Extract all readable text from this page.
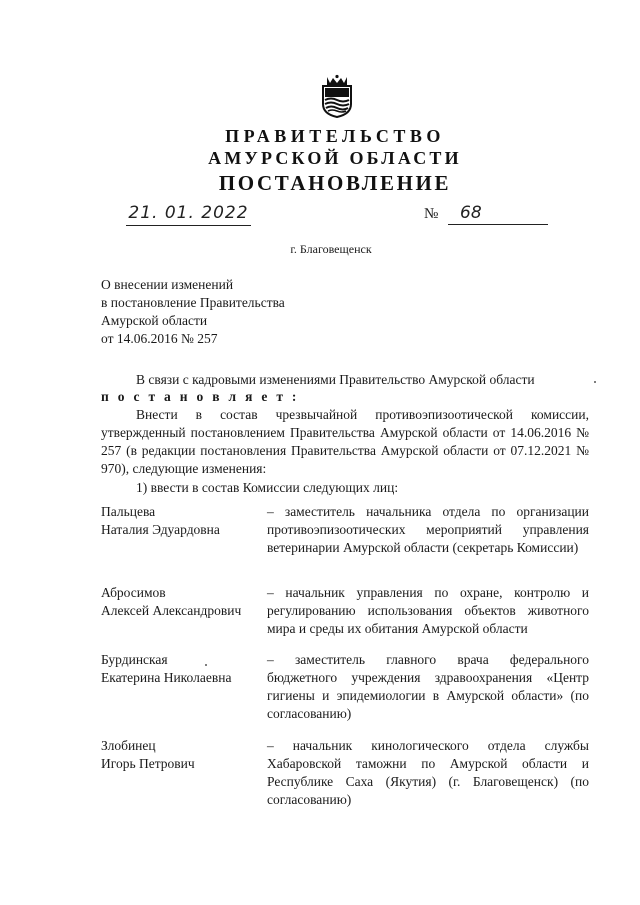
ПРАВИТЕЛЬСТВО
АМУРСКОЙ ОБЛАСТИ
ПОСТАНОВЛЕНИЕ
21. 01. 2022	№	68
г. Благовещенск
О внесении изменений
в постановление Правительства
Амурской области
от 14.06.2016 № 257
В связи с кадровыми изменениями Правительство Амурской области
п о с т а н о в л я е т :
Внести в состав чрезвычайной противоэпизоотической комиссии, утвержденный постановлением Правительства Амурской области от 14.06.2016 № 257 (в редакции постановления Правительства Амурской области от 07.12.2021 № 970), следующие изменения:
1) ввести в состав Комиссии следующих лиц:
Пальцева
Наталия Эдуардовна
– заместитель начальника отдела по организации противоэпизоотических мероприятий управления ветеринарии Амурской области (секретарь Комиссии)
Абросимов
Алексей Александрович
– начальник управления по охране, контролю и регулированию использования объектов животного мира и среды их обитания Амурской области
Бурдинская
Екатерина Николаевна
– заместитель главного врача федерального бюджетного учреждения здравоохранения «Центр гигиены и эпидемиологии в Амурской области» (по согласованию)
Злобинец
Игорь Петрович
– начальник кинологического отдела службы Хабаровской таможни по Амурской области и Республике Саха (Якутия) (г. Благовещенск) (по согласованию)
